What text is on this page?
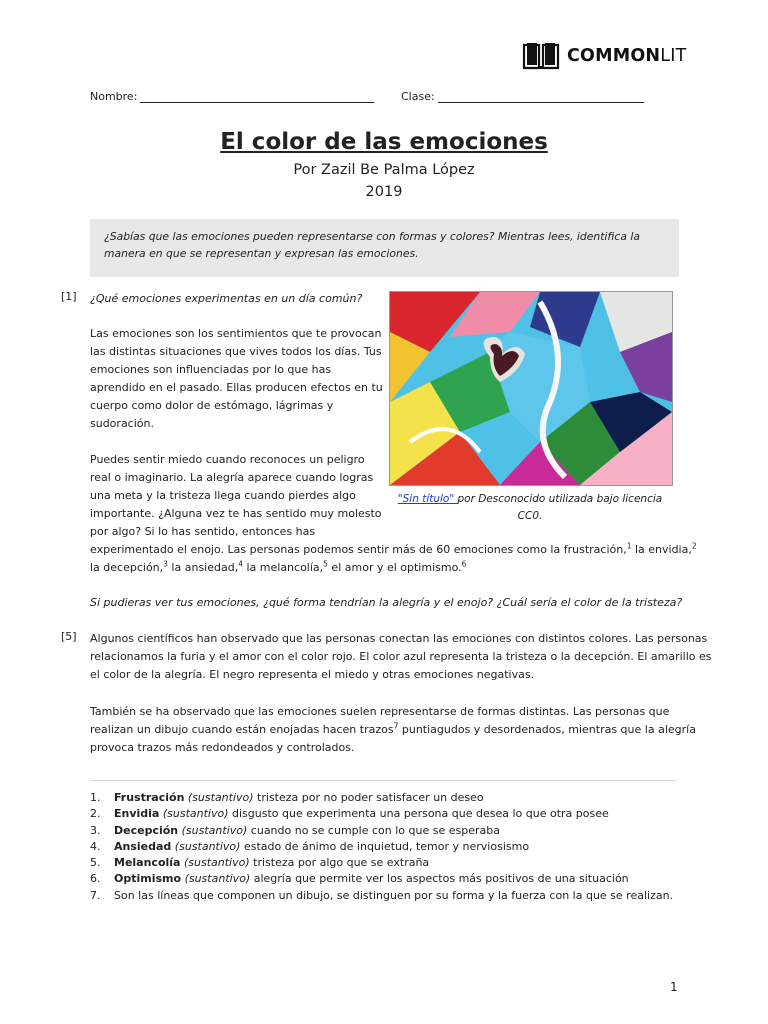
COMMONLIT
Nombre:	Clase:
El color de las emociones
Por Zazil Be Palma López
2019
¿Sabías que las emociones pueden representarse con formas y colores? Mientras lees, identifica la manera en que se representan y expresan las emociones.
[1] ¿Qué emociones experimentas en un día común?

Las emociones son los sentimientos que te provocan
las distintas situaciones que vives todos los días. Tus
emociones son influenciadas por lo que has
aprendido en el pasado. Ellas producen efectos en tu
cuerpo como dolor de estómago, lágrimas y
sudoración.

Puedes sentir miedo cuando reconoces un peligro
real o imaginario. La alegría aparece cuando logras
una meta y la tristeza llega cuando pierdes algo
importante. ¿Alguna vez te has sentido muy molesto
por algo? Si lo has sentido, entonces has
experimentado el enojo. Las personas podemos sentir más de 60 emociones como la frustración,$^1$ la envidia,$^2$
la decepción,$^3$ la ansiedad,$^4$ la melancolía,$^5$ el amor y el optimismo.$^6$

Si pudieras ver tus emociones, ¿qué forma tendrían la alegría y el enojo? ¿Cuál sería el color de la tristeza?

"Sin título" por Desconocido utilizada bajo licencia
CC0.
[5] Algunos científicos han observado que las personas conectan las emociones con distintos colores. Las personas
relacionamos la furia y el amor con el color rojo. El color azul representa la tristeza o la decepción. El amarillo es
el color de la alegría. El negro representa el miedo y otras emociones negativas.

También se ha observado que las emociones suelen representarse de formas distintas. Las personas que
realizan un dibujo cuando están enojadas hacen trazos$^7$ puntiagudos y desordenados, mientras que la alegría
provoca trazos más redondeados y controlados.

1.	Frustración (sustantivo) tristeza por no poder satisfacer un deseo
2.	Envidia (sustantivo) disgusto que experimenta una persona que desea lo que otra posee
3.	Decepción (sustantivo) cuando no se cumple con lo que se esperaba
4.	Ansiedad (sustantivo) estado de ánimo de inquietud, temor y nerviosismo
5.	Melancolía (sustantivo) tristeza por algo que se extraña
6.	Optimismo (sustantivo) alegría que permite ver los aspectos más positivos de una situación
7.	Son las líneas que componen un dibujo, se distinguen por su forma y la fuerza con la que se realizan.
1
